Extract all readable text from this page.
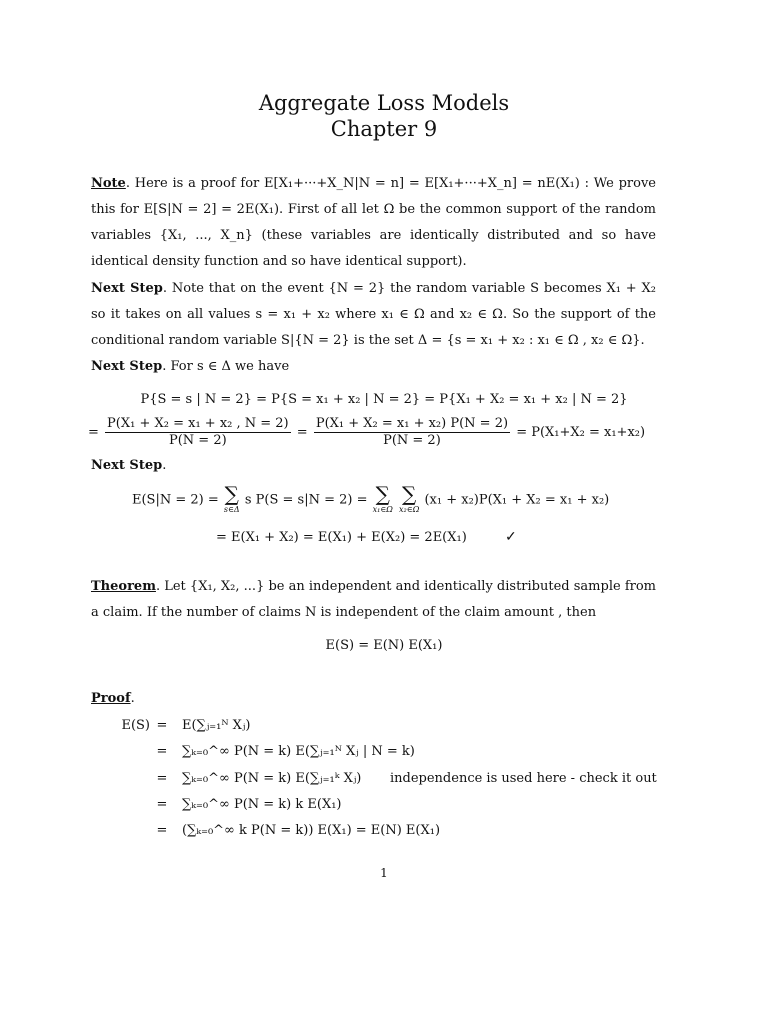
Aggregate Loss Models
Chapter 9
Note. Here is a proof for E[X₁+···+X_N|N = n] = E[X₁+···+X_n] = nE(X₁) : We prove this for E[S|N = 2] = 2E(X₁). First of all let Ω be the common support of the random variables {X₁, ..., X_n} (these variables are identically distributed and so have identical density function and so have identical support).
Next Step. Note that on the event {N = 2} the random variable S becomes X₁ + X₂ so it takes on all values s = x₁ + x₂ where x₁ ∈ Ω and x₂ ∈ Ω. So the support of the conditional random variable S|{N = 2} is the set Δ = {s = x₁ + x₂ : x₁ ∈ Ω , x₂ ∈ Ω}.
Next Step. For s ∈ Δ we have
P{S = s | N = 2} = P{S = x₁ + x₂ | N = 2} = P{X₁ + X₂ = x₁ + x₂ | N = 2}
= $\frac{\text{P(X₁ + X₂ = x₁ + x₂ , N = 2)}}{P(N = 2)} = \frac{\text{P(X₁ + X₂ = x₁ + x₂) P(N = 2)}}{P(N = 2)} = P(X_1+X_2 = x_1+x_2)$
Next Step.
E(S|N = 2) = ∑
s∈Δ
s P(S = s|N = 2) = ∑
x₁∈Ω

∑
x₂∈Ω
(x₁ + x₂)P(X₁ + X₂ = x₁ + x₂)
= E(X₁ + X₂) = E(X₁) + E(X₂) = 2E(X₁)	✓
Theorem. Let {X₁, X₂, ...} be an independent and identically distributed sample from a claim. If the number of claims N is independent of the claim amount , then
E(S) = E(N) E(X₁)
Proof.
E(S) =	E(∑ⱼ₌₁ᴺ Xⱼ)
=	∑ₖ₌₀^∞ P(N = k) E(∑ⱼ₌₁ᴺ Xⱼ | N = k)
=	∑ₖ₌₀^∞ P(N = k) E(∑ⱼ₌₁ᵏ Xⱼ) independence is used here - check it out
=	∑ₖ₌₀^∞ P(N = k) k E(X₁)
=	(∑ₖ₌₀^∞ k P(N = k)) E(X₁) = E(N) E(X₁)
1
